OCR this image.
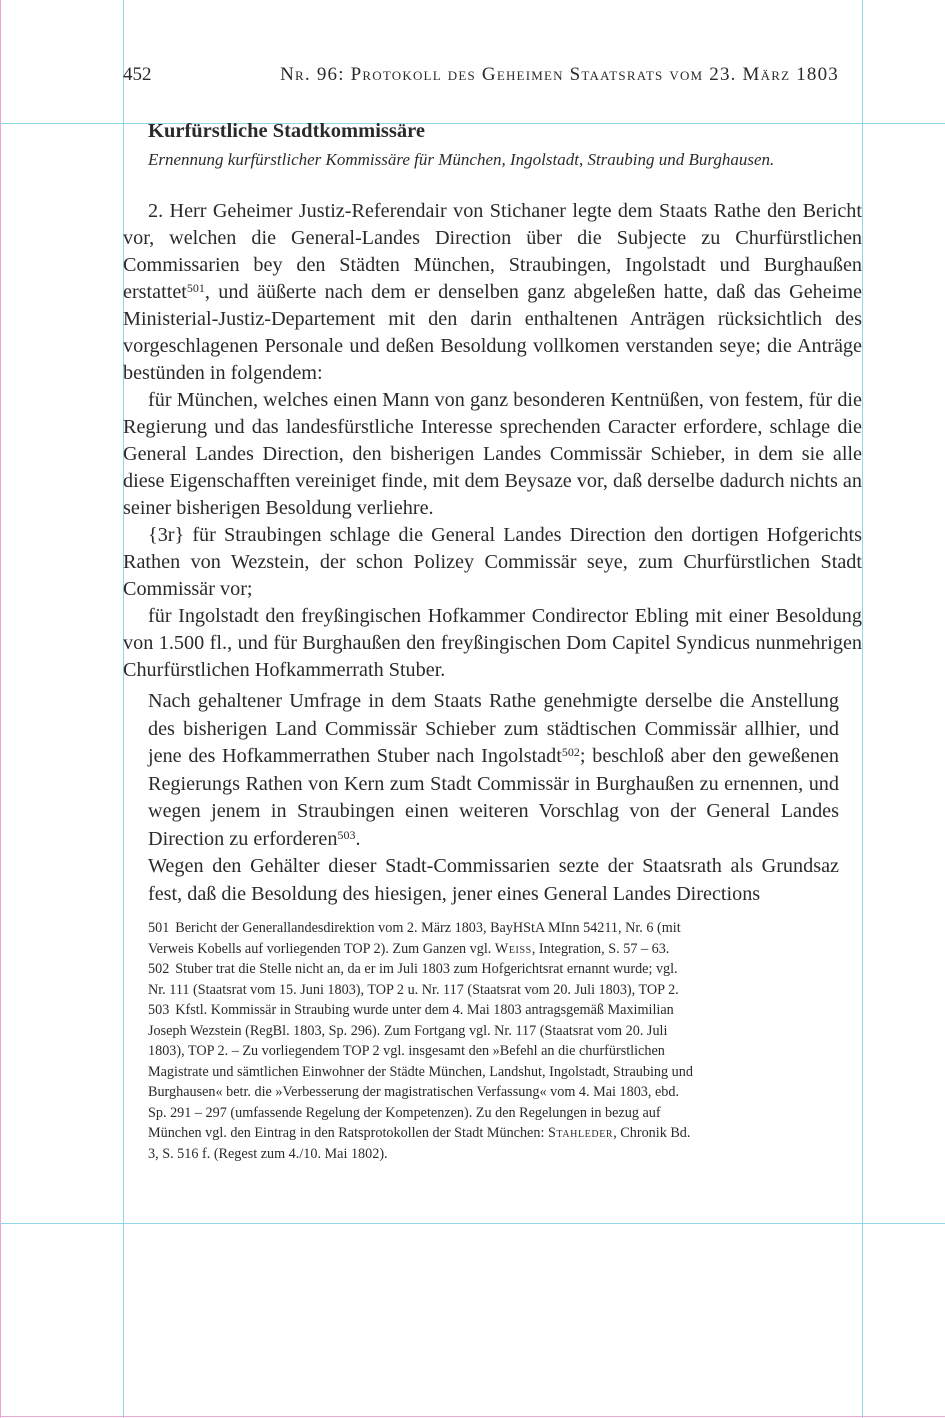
452	Nr. 96: Protokoll des Geheimen Staatsrats vom 23. März 1803
Kurfürstliche Stadtkommissäre
Ernennung kurfürstlicher Kommissäre für München, Ingolstadt, Straubing und Burghausen.

2. Herr Geheimer Justiz-Referendair von Stichaner legte dem Staats Rathe den Bericht vor, welchen die General-Landes Direction über die Subjecte zu Churfürstlichen Commissarien bey den Städten München, Straubingen, Ingolstadt und Burghaußen erstattet$^{501}$, und äüßerte nach dem er denselben ganz abgeleßen hatte, daß das Geheime Ministerial-Justiz-Departement mit den darin enthaltenen Anträgen rücksichtlich des vorgeschlagenen Personale und deßen Besoldung vollkomen verstanden seye; die Anträge bestünden in folgendem:

für München, welches einen Mann von ganz besonderen Kentnüßen, von festem, für die Regierung und das landesfürstliche Interesse sprechenden Caracter erfordere, schlage die General Landes Direction, den bisherigen Landes Commissär Schieber, in dem sie alle diese Eigenschafften vereiniget finde, mit dem Beysaze vor, daß derselbe dadurch nichts an seiner bisherigen Besoldung verliehre.

{3r} für Straubingen schlage die General Landes Direction den dortigen Hofgerichts Rathen von Wezstein, der schon Polizey Commissär seye, zum Churfürstlichen Stadt Commissär vor;

für Ingolstadt den freyßingischen Hofkammer Condirector Ebling mit einer Besoldung von 1.500 fl., und für Burghaußen den freyßingischen Dom Capitel Syndicus nunmehrigen Churfürstlichen Hofkammerrath Stuber.

Nach gehaltener Umfrage in dem Staats Rathe genehmigte derselbe die Anstellung des bisherigen Land Commissär Schieber zum städtischen Commissär allhier, und jene des Hofkammerrathen Stuber nach Ingolstadt$^{502}$; beschloß aber den geweßenen Regierungs Rathen von Kern zum Stadt Commissär in Burghaußen zu ernennen, und wegen jenem in Straubingen einen weiteren Vorschlag von der General Landes Direction zu erforderen$^{503}$.

Wegen den Gehälter dieser Stadt-Commissarien sezte der Staatsrath als Grundsaz fest, daß die Besoldung des hiesigen, jener eines General Landes Directions

501 Bericht der Generallandesdirektion vom 2. März 1803, BayHStA MInn 54211, Nr. 6 (mit Verweis Kobells auf vorliegenden TOP 2). Zum Ganzen vgl. Weiss, Integration, S. 57 – 63.

502 Stuber trat die Stelle nicht an, da er im Juli 1803 zum Hofgerichtsrat ernannt wurde; vgl. Nr. 111 (Staatsrat vom 15. Juni 1803), TOP 2 u. Nr. 117 (Staatsrat vom 20. Juli 1803), TOP 2.

503 Kfstl. Kommissär in Straubing wurde unter dem 4. Mai 1803 antragsgemäß Maximilian Joseph Wezstein (RegBl. 1803, Sp. 296). Zum Fortgang vgl. Nr. 117 (Staatsrat vom 20. Juli 1803), TOP 2. – Zu vorliegendem TOP 2 vgl. insgesamt den »Befehl an die churfürstlichen Magistrate und sämtlichen Einwohner der Städte München, Landshut, Ingolstadt, Straubing und Burghausen« betr. die »Verbesserung der magistratischen Verfassung« vom 4. Mai 1803, ebd. Sp. 291 – 297 (umfassende Regelung der Kompetenzen). Zu den Regelungen in bezug auf München vgl. den Eintrag in den Ratsprotokollen der Stadt München: Stahleder, Chronik Bd. 3, S. 516 f. (Regest zum 4./10. Mai 1802).
